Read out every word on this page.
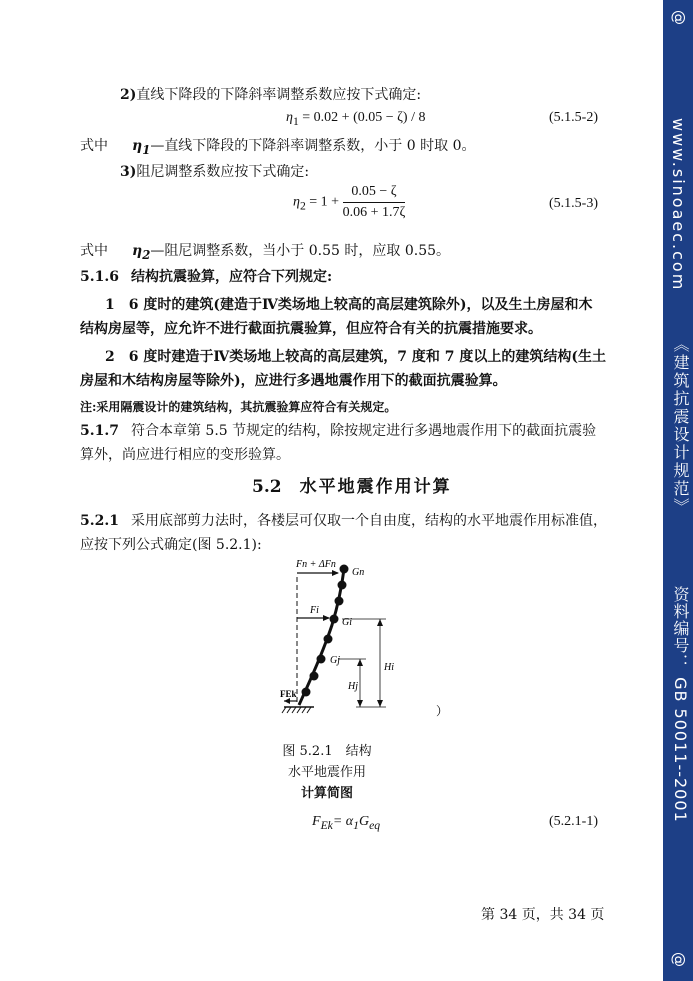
@
www.sinoaec.com
《建筑抗震设计规范》
资料编号： GB 50011--2001
@
2)直线下降段的下降斜率调整系数应按下式确定:
$\eta_1 = 0.02 + (0.05 - \zeta) / 8$	(5.1.5-2)
式中 $\eta_1—$直线下降段的下降斜率调整系数，小于 0 时取 0。
3)阻尼调整系数应按下式确定:
$\eta_2 = 1 + \frac{0.05 - \zeta}{0.06 + 1.7\zeta}$	(5.1.5-3)
式中 $\eta_2—$阻尼调整系数，当小于 0.55 时，应取 0.55。
5.1.6 结构抗震验算，应符合下列规定:
1　6 度时的建筑(建造于Ⅳ类场地上较高的高层建筑除外)，以及生土房屋和木
结构房屋等，应允许不进行截面抗震验算，但应符合有关的抗震措施要求。
2　6 度时建造于Ⅳ类场地上较高的高层建筑，7 度和 7 度以上的建筑结构(生土
房屋和木结构房屋等除外)，应进行多遇地震作用下的截面抗震验算。
注:采用隔震设计的建筑结构，其抗震验算应符合有关规定。
5.1.7 符合本章第 5.5 节规定的结构，除按规定进行多遇地震作用下的截面抗震验
算外，尚应进行相应的变形验算。
5.2 水平地震作用计算
5.2.1 采用底部剪力法时，各楼层可仅取一个自由度，结构的水平地震作用标准值，
应按下列公式确定(图 5.2.1):
Fn + ΔFn
Gn
Fi
Gi
Gj
Hi
Hj
FEk
）
图 5.2.1　结构
水平地震作用
计算简图
$F_{Ek}= \alpha_1G_{eq}$	(5.2.1-1)
第 34 页，共 34 页
